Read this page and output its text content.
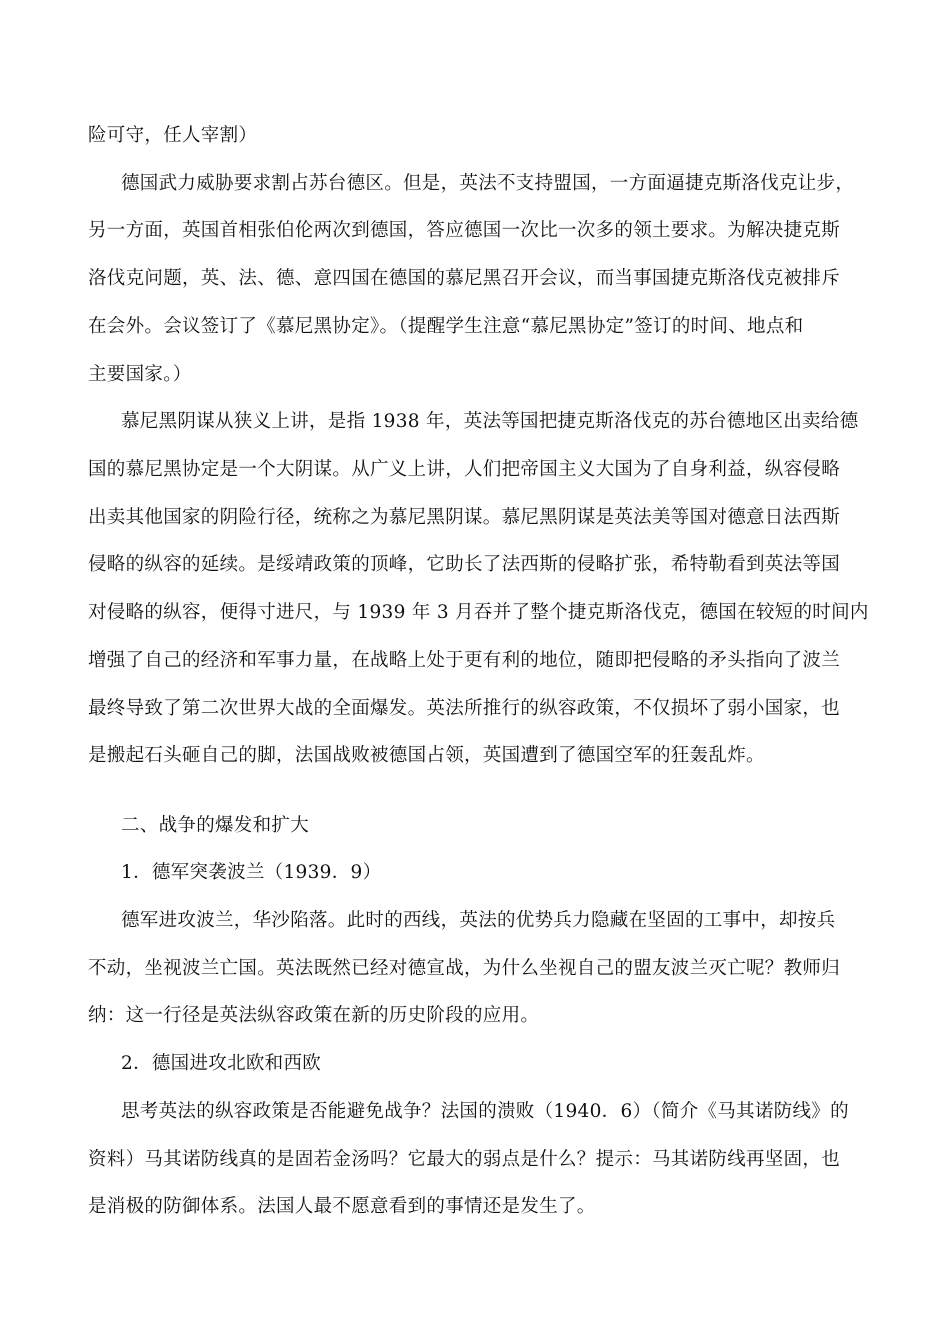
险可守，任人宰割）
德国武力威胁要求割占苏台德区。但是，英法不支持盟国，一方面逼捷克斯洛伐克让步，
另一方面，英国首相张伯伦两次到德国，答应德国一次比一次多的领土要求。为解决捷克斯
洛伐克问题，英、法、德、意四国在德国的慕尼黑召开会议，而当事国捷克斯洛伐克被排斥
在会外。会议签订了《慕尼黑协定》。（提醒学生注意“慕尼黑协定”签订的时间、地点和
主要国家。）
慕尼黑阴谋从狭义上讲，是指 1938 年，英法等国把捷克斯洛伐克的苏台德地区出卖给德
国的慕尼黑协定是一个大阴谋。从广义上讲，人们把帝国主义大国为了自身利益，纵容侵略
出卖其他国家的阴险行径，统称之为慕尼黑阴谋。慕尼黑阴谋是英法美等国对德意日法西斯
侵略的纵容的延续。是绥靖政策的顶峰，它助长了法西斯的侵略扩张，希特勒看到英法等国
对侵略的纵容，便得寸进尺，与 1939 年 3 月吞并了整个捷克斯洛伐克，德国在较短的时间内
增强了自己的经济和军事力量，在战略上处于更有利的地位，随即把侵略的矛头指向了波兰
最终导致了第二次世界大战的全面爆发。英法所推行的纵容政策，不仅损坏了弱小国家，也
是搬起石头砸自己的脚，法国战败被德国占领，英国遭到了德国空军的狂轰乱炸。
二、战争的爆发和扩大
1．德军突袭波兰（1939．9）
德军进攻波兰，华沙陷落。此时的西线，英法的优势兵力隐藏在坚固的工事中，却按兵
不动，坐视波兰亡国。英法既然已经对德宣战，为什么坐视自己的盟友波兰灭亡呢？教师归
纳：这一行径是英法纵容政策在新的历史阶段的应用。
2．德国进攻北欧和西欧
思考英法的纵容政策是否能避免战争？法国的溃败（1940．6）（简介《马其诺防线》的
资料）马其诺防线真的是固若金汤吗？它最大的弱点是什么？提示：马其诺防线再坚固，也
是消极的防御体系。法国人最不愿意看到的事情还是发生了。
